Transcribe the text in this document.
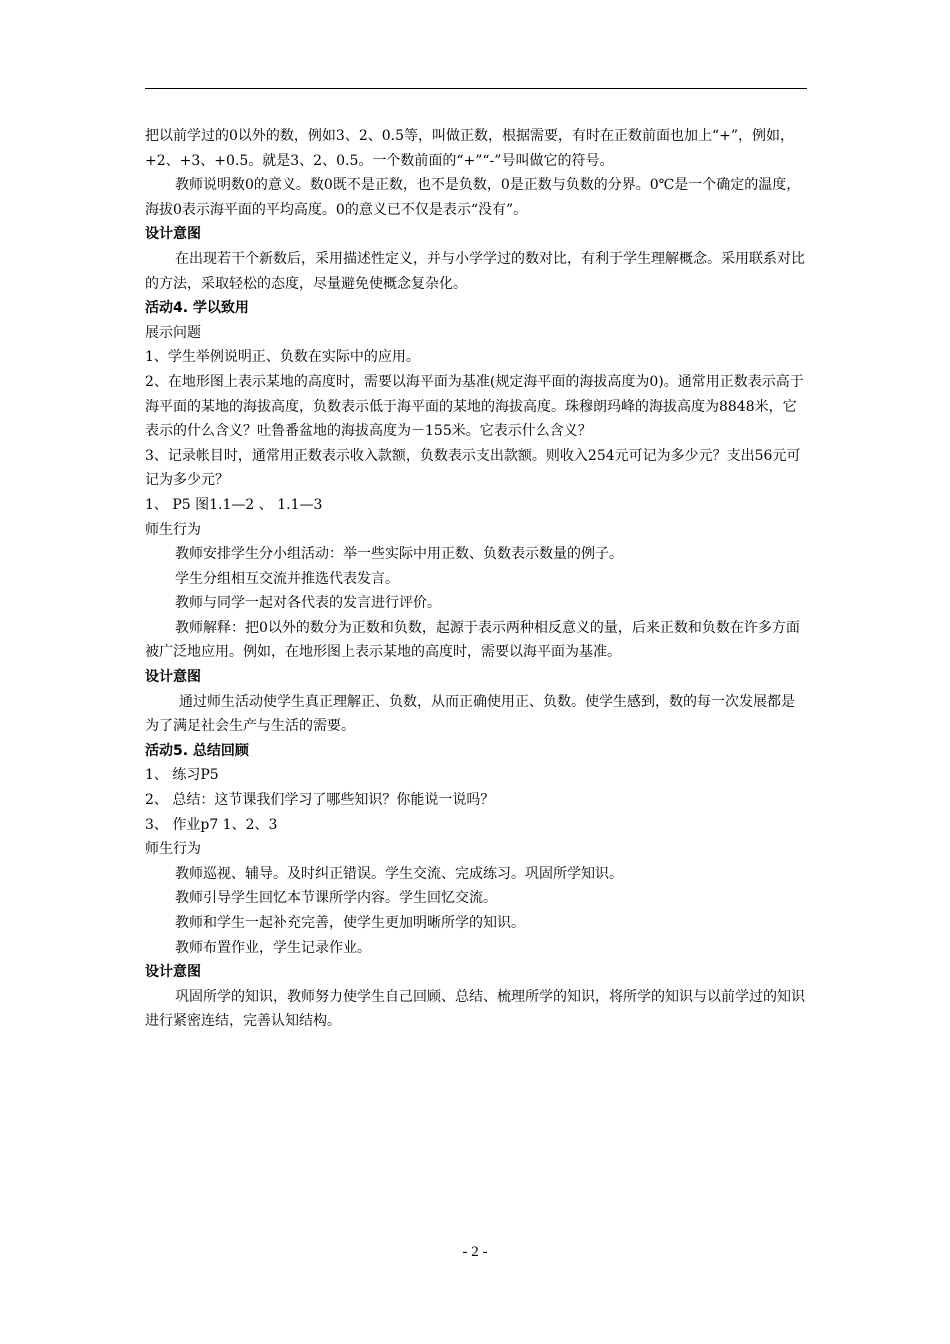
把以前学过的0以外的数，例如3、2、0.5等，叫做正数，根据需要，有时在正数前面也加上“+”，例如，+2、+3、+0.5。就是3、2、0.5。一个数前面的“+”“-”号叫做它的符号。

教师说明数0的意义。数0既不是正数，也不是负数，0是正数与负数的分界。0℃是一个确定的温度，海拔0表示海平面的平均高度。0的意义已不仅是表示“没有”。

设计意图

在出现若干个新数后，采用描述性定义，并与小学学过的数对比，有利于学生理解概念。采用联系对比的方法，采取轻松的态度，尽量避免使概念复杂化。

活动4. 学以致用

展示问题

1、学生举例说明正、负数在实际中的应用。

2、在地形图上表示某地的高度时，需要以海平面为基准(规定海平面的海拔高度为0)。通常用正数表示高于海平面的某地的海拔高度，负数表示低于海平面的某地的海拔高度。珠穆朗玛峰的海拔高度为8848米，它表示的什么含义？吐鲁番盆地的海拔高度为－155米。它表示什么含义？

3、记录帐目时，通常用正数表示收入款额，负数表示支出款额。则收入254元可记为多少元？支出56元可记为多少元？

1、 P5 图1.1—2 、 1.1—3

师生行为

教师安排学生分小组活动：举一些实际中用正数、负数表示数量的例子。

学生分组相互交流并推选代表发言。

教师与同学一起对各代表的发言进行评价。

教师解释：把0以外的数分为正数和负数，起源于表示两种相反意义的量，后来正数和负数在许多方面被广泛地应用。例如，在地形图上表示某地的高度时，需要以海平面为基准。

设计意图

通过师生活动使学生真正理解正、负数，从而正确使用正、负数。使学生感到，数的每一次发展都是为了满足社会生产与生活的需要。

活动5. 总结回顾

1、 练习P5

2、 总结：这节课我们学习了哪些知识？你能说一说吗？

3、 作业p7 1、2、3

师生行为

教师巡视、辅导。及时纠正错误。学生交流、完成练习。巩固所学知识。

教师引导学生回忆本节课所学内容。学生回忆交流。

教师和学生一起补充完善，使学生更加明晰所学的知识。

教师布置作业，学生记录作业。

设计意图

巩固所学的知识，教师努力使学生自己回顾、总结、梳理所学的知识，将所学的知识与以前学过的知识进行紧密连结，完善认知结构。

- 2 -
